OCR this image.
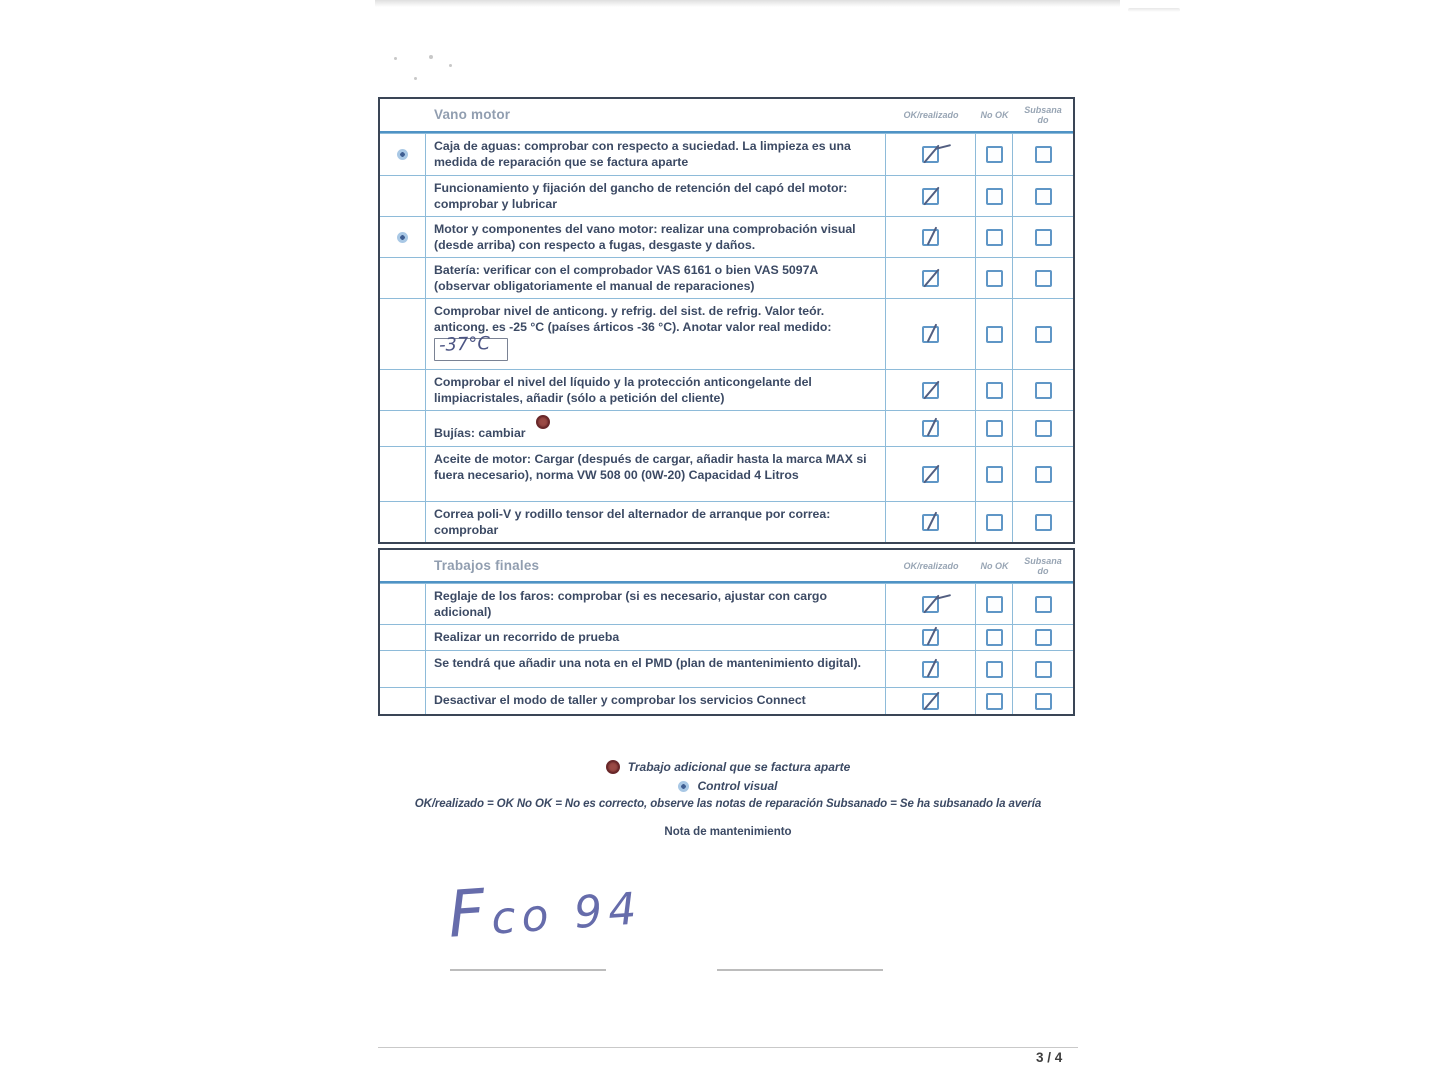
Vano motor	OK/realizado No OK Subsanado
Caja de aguas: comprobar con respecto a suciedad. La limpieza es una medida de reparación que se factura aparte
Funcionamiento y fijación del gancho de retención del capó del motor: comprobar y lubricar
Motor y componentes del vano motor: realizar una comprobación visual (desde arriba) con respecto a fugas, desgaste y daños.
Batería: verificar con el comprobador VAS 6161 o bien VAS 5097A (observar obligatoriamente el manual de reparaciones)
Comprobar nivel de anticong. y refrig. del sist. de refrig. Valor teór. anticong. es -25 °C (países árticos -36 °C). Anotar valor real medido:

-37°C
Comprobar el nivel del líquido y la protección anticongelante del limpiacristales, añadir (sólo a petición del cliente)
Bujías: cambiar
Aceite de motor: Cargar (después de cargar, añadir hasta la marca MAX si fuera necesario), norma VW 508 00 (0W-20) Capacidad 4 Litros
Correa poli-V y rodillo tensor del alternador de arranque por correa: comprobar
Trabajos finales	OK/realizado No OK Subsanado
Reglaje de los faros: comprobar (si es necesario, ajustar con cargo adicional)
Realizar un recorrido de prueba
Se tendrá que añadir una nota en el PMD (plan de mantenimiento digital).
Desactivar el modo de taller y comprobar los servicios Connect
Trabajo adicional que se factura aparte
Control visual
OK/realizado = OK No OK = No es correcto, observe las notas de reparación Subsanado = Se ha subsanado la avería
Nota de mantenimiento
Fco 94
3 / 4
